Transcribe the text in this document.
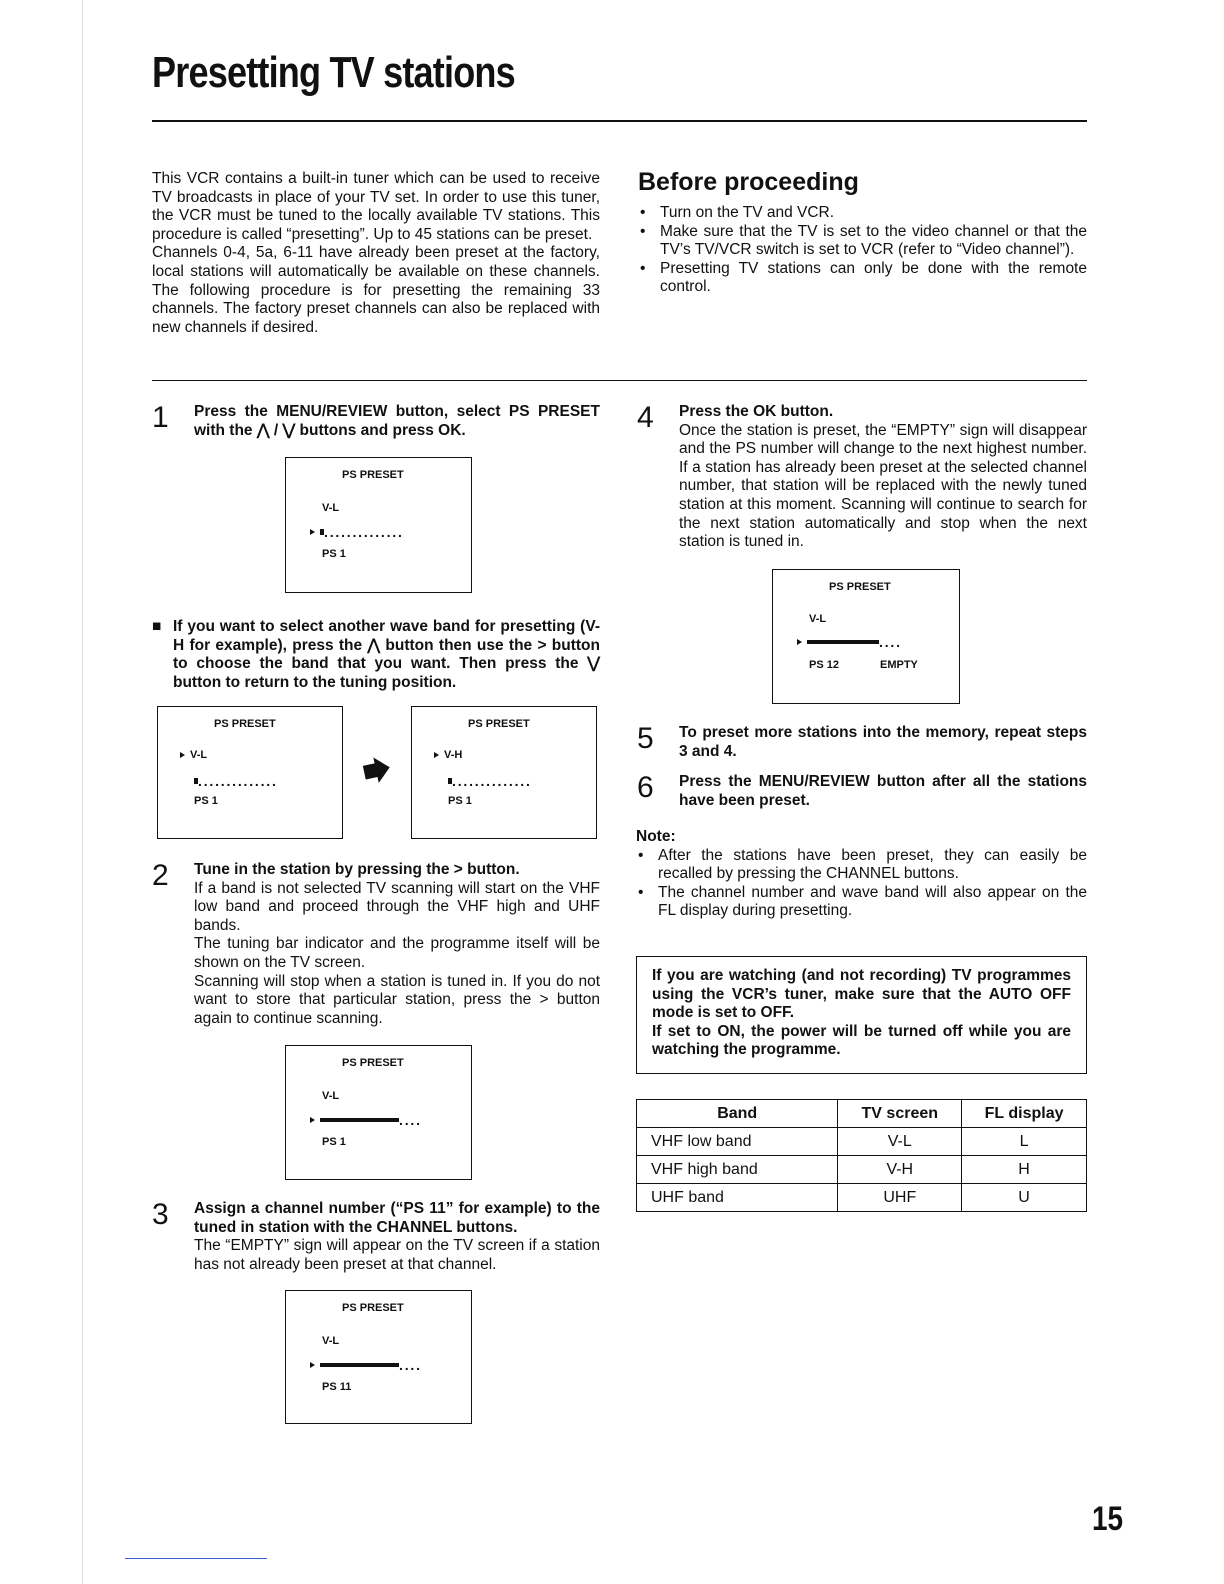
Presetting TV stations

This VCR contains a built-in tuner which can be used to receive TV broadcasts in place of your TV set. In order to use this tuner, the VCR must be tuned to the locally available TV stations. This procedure is called “presetting”. Up to 45 stations can be preset.

Channels 0-4, 5a, 6-11 have already been preset at the factory, local stations will automatically be available on these channels. The following procedure is for presetting the remaining 33 channels. The factory preset channels can also be replaced with new channels if desired.

Before proceeding
• Turn on the TV and VCR.
• Make sure that the TV is set to the video channel or that the TV’s TV/VCR switch is set to VCR (refer to “Video channel”).
• Presetting TV stations can only be done with the remote control.
1 Press the MENU/REVIEW button, select PS PRESET with the ⋀ / ⋁ buttons and press OK.
PS PRESET
V-L
..............
PS 1
■ If you want to select another wave band for presetting (V-H for example), press the ⋀ button then use the > button to choose the band that you want. Then press the ⋁ button to return to the tuning position.
PS PRESET
V-L
..............
PS 1
PS PRESET
V-H
..............
PS 1
2 Tune in the station by pressing the > button.
If a band is not selected TV scanning will start on the VHF low band and proceed through the VHF high and UHF bands.
The tuning bar indicator and the programme itself will be shown on the TV screen.
Scanning will stop when a station is tuned in. If you do not want to store that particular station, press the > button again to continue scanning.
PS PRESET
V-L
....
PS 1
3 Assign a channel number (“PS 11” for example) to the tuned in station with the CHANNEL buttons.
The “EMPTY” sign will appear on the TV screen if a station has not already been preset at that channel.
PS PRESET
V-L
....
PS 11
4 Press the OK button.
Once the station is preset, the “EMPTY” sign will disappear and the PS number will change to the next highest number. If a station has already been preset at the selected channel number, that station will be replaced with the newly tuned station at this moment. Scanning will continue to search for the next station automatically and stop when the next station is tuned in.
PS PRESET
V-L
....
PS 12	EMPTY
5 To preset more stations into the memory, repeat steps 3 and 4.
6 Press the MENU/REVIEW button after all the stations have been preset.
Note:
• After the stations have been preset, they can easily be recalled by pressing the CHANNEL buttons.
• The channel number and wave band will also appear on the FL display during presetting.
If you are watching (and not recording) TV programmes using the VCR’s tuner, make sure that the AUTO OFF mode is set to OFF.
If set to ON, the power will be turned off while you are watching the programme.
Band	TV screen	FL display
VHF low band	V-L	L
VHF high band	V-H	H
UHF band	UHF	U
15
